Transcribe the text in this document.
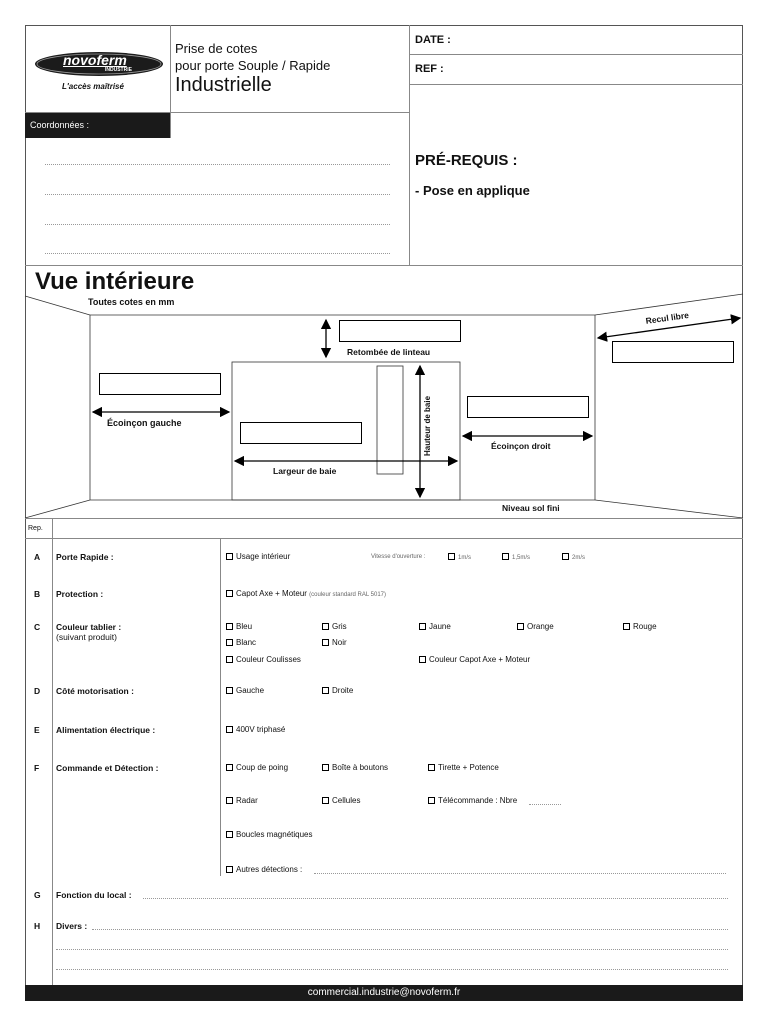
novoferm
INDUSTRIE
L'accès maîtrisé
Prise de cotes
pour porte Souple / Rapide
Industrielle
DATE :
REF :
Coordonnées :
PRÉ-REQUIS :
- Pose en applique
Vue intérieure
Toutes cotes en mm
Retombée de linteau
Recul libre
Écoinçon gauche
Écoinçon droit
Largeur de baie
Hauteur de baie
Niveau sol fini
Rep.
A Porte Rapide :	Usage intérieur	Vitesse d'ouverture :	1m/s	1,5m/s	2m/s
B Protection :	Capot Axe + Moteur (couleur standard RAL 5017)
C Couleur tablier :
(suivant produit)
Bleu	Gris	Jaune	Orange	Rouge
Blanc	Noir
Couleur Coulisses	Couleur Capot Axe + Moteur
D Côté motorisation :	Gauche	Droite
E Alimentation électrique :	400V triphasé
F Commande et Détection :	Coup de poing	Boîte à boutons	Tirette + Potence
Radar	Cellules	Télécommande : Nbre
Boucles magnétiques
Autres détections :
G Fonction du local :
H Divers :
commercial.industrie@novoferm.fr
